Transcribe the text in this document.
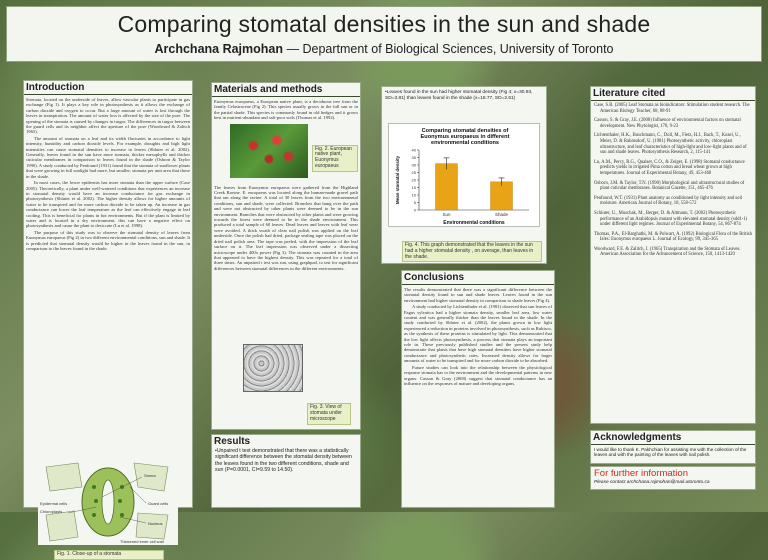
Comparing stomatal densities in the sun and shade
Archchana Rajmohan — Department of Biological Sciences, University of Toronto
Introduction

Stomata, located on the underside of leaves, allow vascular plants to participate in gas exchange (Fig 1). It plays a key role in photosynthesis as it allows the exchange of carbon dioxide and oxygen to occur. But a large amount of water is lost through the leaves in transpiration. The amount of water loss is affected by the size of the pore. The opening of the stomata is caused by changes in turgor. The differences in turgor between the guard cells and its neighbor affect the aperture of the pore (Woodward & Zalitch 1965).

The amount of stomata on a leaf and its width fluctuates in accordance to light intensity, humidity and carbon dioxide levels. For example, droughts and high light intensities can cause stomatal densities to increase in leaves (Shluter et al. 2002). Generally, leaves found in the sun have more stomata, thicker mesophylls and thicker cuticular membranes in comparison to leaves found in the shade (Osborn & Taylor 1990). A study conducted by Penfound (1931) found that the stomata of sunflower plants that were growing in full sunlight had more, but smaller, stomata per unit area that those in the shade.

In most cases, the lower epidermis has more stomata than the upper surface (Case 2005). Theoretically, a plant under well-watered conditions that experiences an increase in stomatal density would have an increase conductance for gas exchange in photosynthesis (Shluter et al. 2002). The higher density allows for higher amounts of water to be transpired and for more carbon dioxide to be taken up. An increase in gas conductance can lower the leaf temperature as the leaf can effectively engage in leaf cooling. This is beneficial for plants in hot environments. But if the plant is limited by water and is located in a dry environment, this can have a negative effect on photosynthesis and cause the plant to desiccate (Lu et al. 1998).

The purpose of this study was to observe the stomatal density of leaves from Euonymus europaeus (Fig 2) in two different environmental conditions, sun and shade. It is predicted that stomatal density would be higher in the leaves found in the sun, in comparison to the leaves found in the shade.

Stoma
Guard cells
Epidermal cells
Chloroplasts
Nucleus
Thickened inner cell wall
Fig. 1. Close-up of a stomata
Materials and methods
Euonymus europaeus, a European native plant, is a deciduous tree from the family Celastraceae (Fig 2). This species usually grows in the full sun or in the partial shade. This species is commonly found in old hedges and it grows best in nutrient-abundant and salt-poor soils (Thomas et al. 1992).
Fig. 2. European native plant, Euonymus europaeus
The leaves from Euonymus europaeus were gathered from the Highland Creek Ravine. E. europaeus was located along the human-made gravel path that ran along the ravine. A total of 30 leaves from the two environmental conditions, sun and shade, were collected. Branches that hung over the path and were not obstructed by other plants were deemed to be in the sun environment. Branches that were obstructed by other plants and were growing towards the forest were deemed to be in the shade environment. This produced a total sample of 60 leaves. Dead leaves and leaves with leaf wear were avoided. A thick swath of clear nail polish was applied on the leaf underside. Once the polish had dried, package sealing tape was placed on the dried nail polish area. The tape was peeled, with the impression of the leaf surface on it. The leaf impression was observed under a dissecting microscope under 400x power (Fig 3). The stomata was counted in the area that appeared to have the highest density. This was repeated for a total of three times. An unpaired t test was run, using graphpad, to test for significant differences between stomatal differences in the different environments.
Fig. 3. View of stomata under microscope
Results
•Unpaired t test demonstrated that there was a statistically significant difference between the stomatal density between the leaves found in the two different conditions, shade and sun (P=0.0001, CI=9.59 to 14.50).
•Leaves found in the sun had higher stomatal density (Fig 4; x=30.93, SD=3.81) than leaves found in the shade (x=18.77, SD=2.61)
Comparing stomatal densities of
Euonymus europaeus in different
environmental conditions
0
5
10
15
20
25
30
35
40
Sun	Shade
Environmental conditions
Mean stomatal density
Fig. 4. This graph demonstrated that the leaves in the sun had a higher stomatal density , on average, than leaves in the shade.
Conclusions

The results demonstrated that there was a significant difference between the stomatal density found in sun and shade leaves. Leaves found in the sun environment had higher stomatal density in comparison to shade leaves (Fig 4).

A study conducted by Lichtenthaler et al. (1981) observed that sun leaves of Fagus sylvatica had a higher stomata density, smaller leaf area, low water content and was generally thicker than the leaves found in the shade. In the study conducted by Shluter et al. (2002), the plants grown in low light experienced a reduction in proteins involved in photosynthesis, such as Rubisco, as the synthesis of these proteins is stimulated by light. This demonstrated that the low light affects photosynthesis, a process that stomata plays an important role in. These previously published studies and the present study help demonstrate that plants that have high stomatal densities have higher stomatal conductance and photosynthetic rates. Increased density allows for larger amounts of water to be transpired and for more carbon dioxide to be absorbed.

Future studies can look into the relationship between the physiological response stomata has to the environment and the developmental patterns in new organs. Casson & Gray (2008) suggest that stomatal conductance has an influence on the responses of mature and developing organs.

Literature cited
Case, S.B. (2005) Leaf Stomata as bioindicators: Stimulation student research. The American Biology Teacher, 68, 88-91
Casson, S. & Gray, J.E. (2008) Influence of environmental factors on stomatal development. New Phytologist, 178, 9-23
Lichtenthaler, H.K., Buschmann, C., Doll, M., Fietz, H.J., Bach, T., Kozel, U., Meier, D. & Rahmsdorf, U. (1981) Photosynthetic activity, chloroplast ultrastructure, and leaf characteristics of high-light and low-light plants and of sun and shade leaves. Photosynthesis Research, 2, 115-141
Lu, A.M., Percy, R.G., Qualset, C.O., & Zeiger, E. (1998) Stomatal conductance predicts yields in irrigated Pima cotton and bread wheat grown at high temperatures. Journal of Experimental Botany, 49, 453-460
Osborn, J.M. & Taylor, T.N. (1990) Morphological and ultrastructural studies of plant cuticular membranes. Botanical Gazette, 151, 465-476
Penfound, W.T. (1931) Plant anatomy as conditioned by light intensity and soil moisture. American Journal of Botany, 18, 558-572
Schluter, U., Muschak, M., Berger, D. & Altmann, T. (2002) Photosynthetic performance of an Arabidopsis mutant with elevated stomatal density (sdd1-1) under different light regimes. Journal of Experimental Botany, 54, 867-874
Thomas, P.A., El-Barghathi, M. & Polwart, A. (1992) Biological Flora of the British Isles: Euonymus europaeus L. Journal of Ecology, 99, 345-365
Woodward, F.E. & Zalitch, I. (1965) Transpiration and the Stomata of Leaves. American Association for the Advancement of Science, 150, 1413-1420
Acknowledgments
I would like to thank K. Pakhchian for assisting me with the collection of the leaves and with the painting of the leaves with nail polish.
For further information
Please contact archchana.rajmohan@mail.utoronto.ca
